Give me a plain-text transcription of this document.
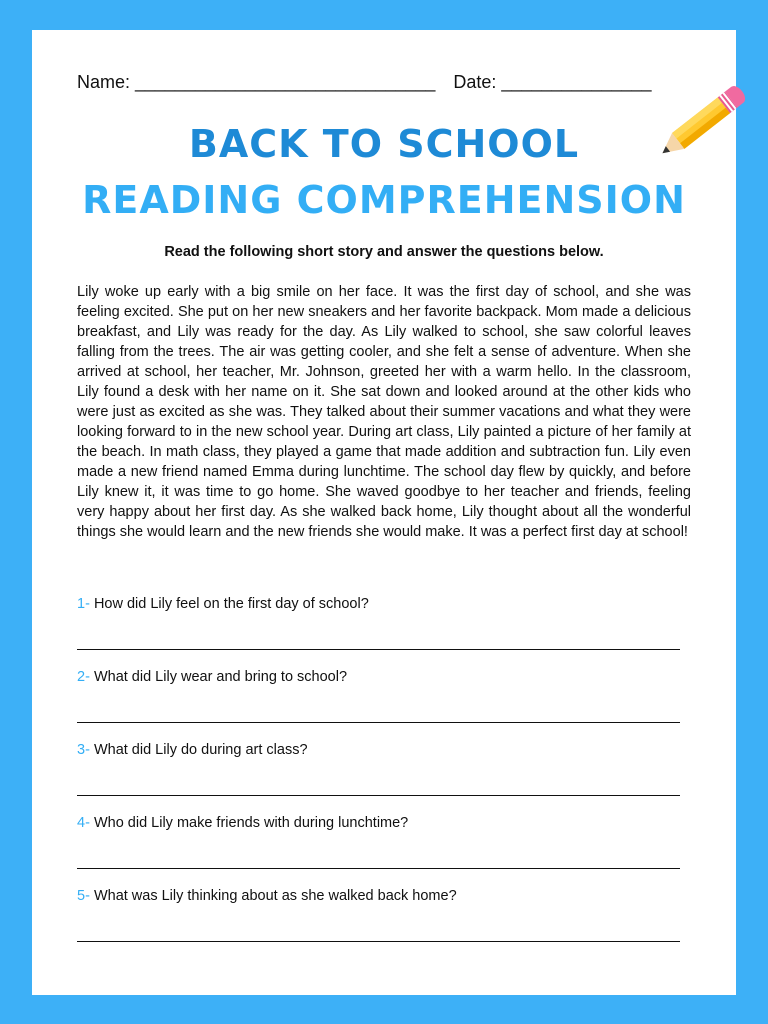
Name: ______________________________ Date: _______________
BACK TO SCHOOL
READING COMPREHENSION
Read the following short story and answer the questions below.

Lily woke up early with a big smile on her face. It was the first day of school, and she was feeling excited. She put on her new sneakers and her favorite backpack. Mom made a delicious breakfast, and Lily was ready for the day. As Lily walked to school, she saw colorful leaves falling from the trees. The air was getting cooler, and she felt a sense of adventure. When she arrived at school, her teacher, Mr. Johnson, greeted her with a warm hello. In the classroom, Lily found a desk with her name on it. She sat down and looked around at the other kids who were just as excited as she was. They talked about their summer vacations and what they were looking forward to in the new school year. During art class, Lily painted a picture of her family at the beach. In math class, they played a game that made addition and subtraction fun. Lily even made a new friend named Emma during lunchtime. The school day flew by quickly, and before Lily knew it, it was time to go home. She waved goodbye to her teacher and friends, feeling very happy about her first day. As she walked back home, Lily thought about all the wonderful things she would learn and the new friends she would make. It was a perfect first day at school!

1- How did Lily feel on the first day of school?
2- What did Lily wear and bring to school?
3- What did Lily do during art class?
4- Who did Lily make friends with during lunchtime?
5- What was Lily thinking about as she walked back home?
